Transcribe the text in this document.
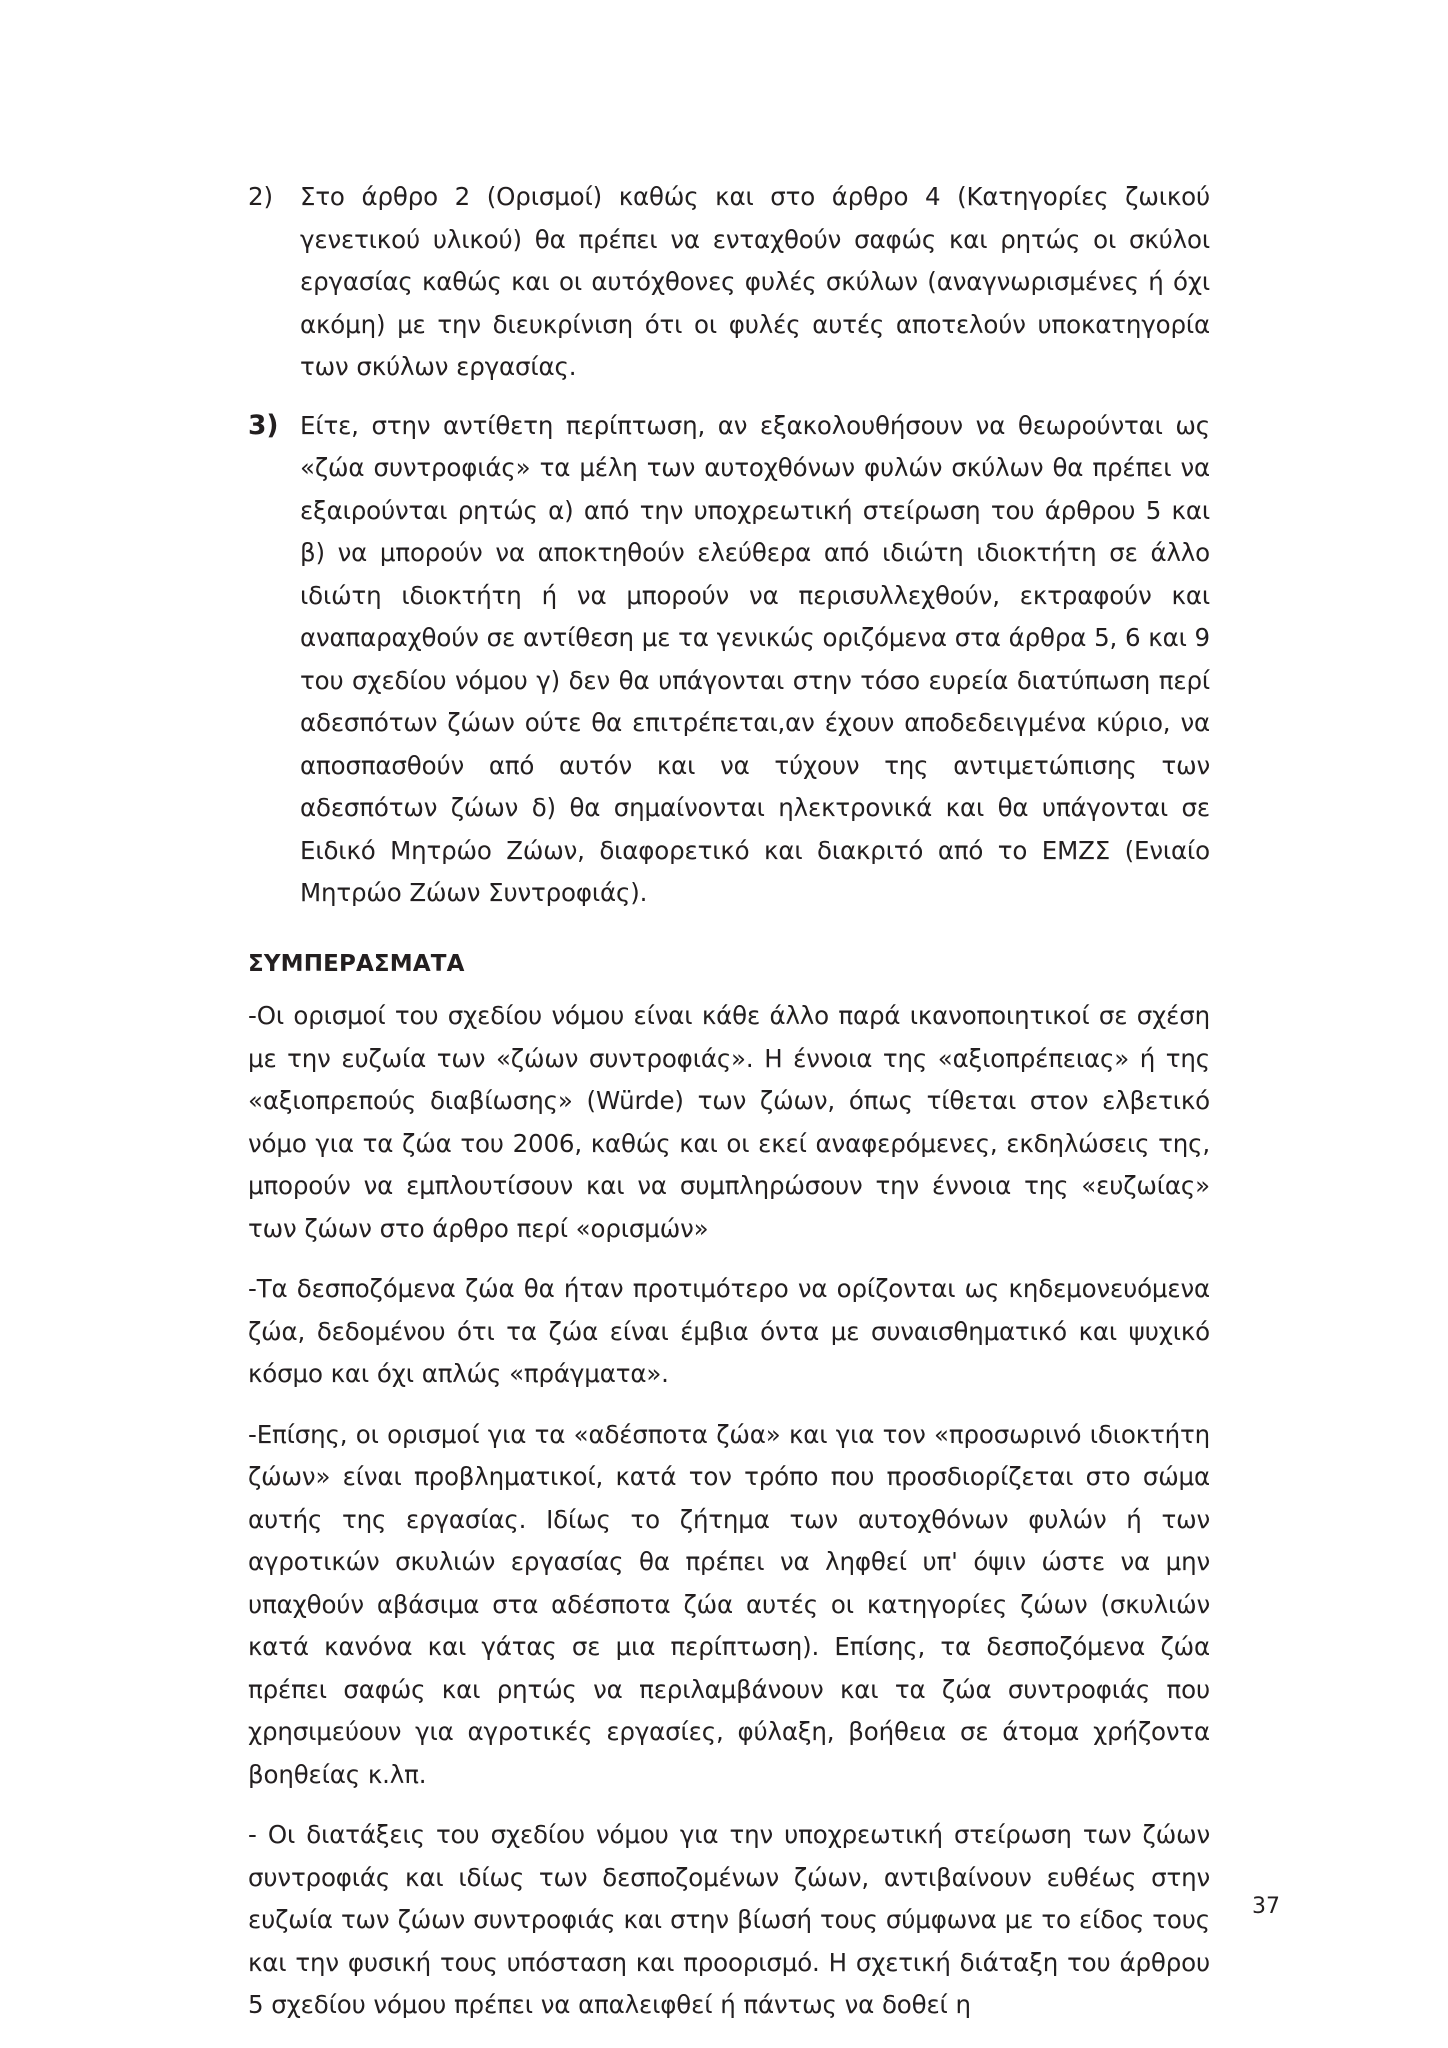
2)	Στο άρθρο 2 (Ορισμοί) καθώς και στο άρθρο 4 (Κατηγορίες ζωικού γενετικού υλικού) θα πρέπει να ενταχθούν σαφώς και ρητώς οι σκύλοι εργασίας καθώς και οι αυτόχθονες φυλές σκύλων (αναγνωρισμένες ή όχι ακόμη) με την διευκρίνιση ότι οι φυλές αυτές αποτελούν υποκατηγορία των σκύλων εργασίας.
3) Είτε, στην αντίθετη περίπτωση, αν εξακολουθήσουν να θεωρούνται ως «ζώα συντροφιάς» τα μέλη των αυτοχθόνων φυλών σκύλων θα πρέπει να εξαιρούνται ρητώς α) από την υποχρεωτική στείρωση του άρθρου 5 και β) να μπορούν να αποκτηθούν ελεύθερα από ιδιώτη ιδιοκτήτη σε άλλο ιδιώτη ιδιοκτήτη ή να μπορούν να περισυλλεχθούν, εκτραφούν και αναπαραχθούν σε αντίθεση με τα γενικώς οριζόμενα στα άρθρα 5, 6 και 9 του σχεδίου νόμου γ) δεν θα υπάγονται στην τόσο ευρεία διατύπωση περί αδεσπότων ζώων ούτε θα επιτρέπεται,αν έχουν αποδεδειγμένα κύριο, να αποσπασθούν από αυτόν και να τύχουν της αντιμετώπισης των αδεσπότων ζώων δ) θα σημαίνονται ηλεκτρονικά και θα υπάγονται σε Ειδικό Μητρώο Ζώων, διαφορετικό και διακριτό από το ΕΜΖΣ (Ενιαίο Μητρώο Ζώων Συντροφιάς).
ΣΥΜΠΕΡΑΣΜΑΤΑ

-Οι ορισμοί του σχεδίου νόμου είναι κάθε άλλο παρά ικανοποιητικοί σε σχέση με την ευζωία των «ζώων συντροφιάς». Η έννοια της «αξιοπρέπειας» ή της «αξιοπρεπούς διαβίωσης» (Würde) των ζώων, όπως τίθεται στον ελβετικό νόμο για τα ζώα του 2006, καθώς και οι εκεί αναφερόμενες, εκδηλώσεις της, μπορούν να εμπλουτίσουν και να συμπληρώσουν την έννοια της «ευζωίας» των ζώων στο άρθρο περί «ορισμών»

-Τα δεσποζόμενα ζώα θα ήταν προτιμότερο να ορίζονται ως κηδεμονευόμενα ζώα, δεδομένου ότι τα ζώα είναι έμβια όντα με συναισθηματικό και ψυχικό κόσμο και όχι απλώς «πράγματα».

-Επίσης, οι ορισμοί για τα «αδέσποτα ζώα» και για τον «προσωρινό ιδιοκτήτη ζώων» είναι προβληματικοί, κατά τον τρόπο που προσδιορίζεται στο σώμα αυτής της εργασίας. Ιδίως το ζήτημα των αυτοχθόνων φυλών ή των αγροτικών σκυλιών εργασίας θα πρέπει να ληφθεί υπ' όψιν ώστε να μην υπαχθούν αβάσιμα στα αδέσποτα ζώα αυτές οι κατηγορίες ζώων (σκυλιών κατά κανόνα και γάτας σε μια περίπτωση). Επίσης, τα δεσποζόμενα ζώα πρέπει σαφώς και ρητώς να περιλαμβάνουν και τα ζώα συντροφιάς που χρησιμεύουν για αγροτικές εργασίες, φύλαξη, βοήθεια σε άτομα χρήζοντα βοηθείας κ.λπ.

- Οι διατάξεις του σχεδίου νόμου για την υποχρεωτική στείρωση των ζώων συντροφιάς και ιδίως των δεσποζομένων ζώων, αντιβαίνουν ευθέως στην ευζωία των ζώων συντροφιάς και στην βίωσή τους σύμφωνα με το είδος τους και την φυσική τους υπόσταση και προορισμό. Η σχετική διάταξη του άρθρου 5 σχεδίου νόμου πρέπει να απαλειφθεί ή πάντως να δοθεί η

37
